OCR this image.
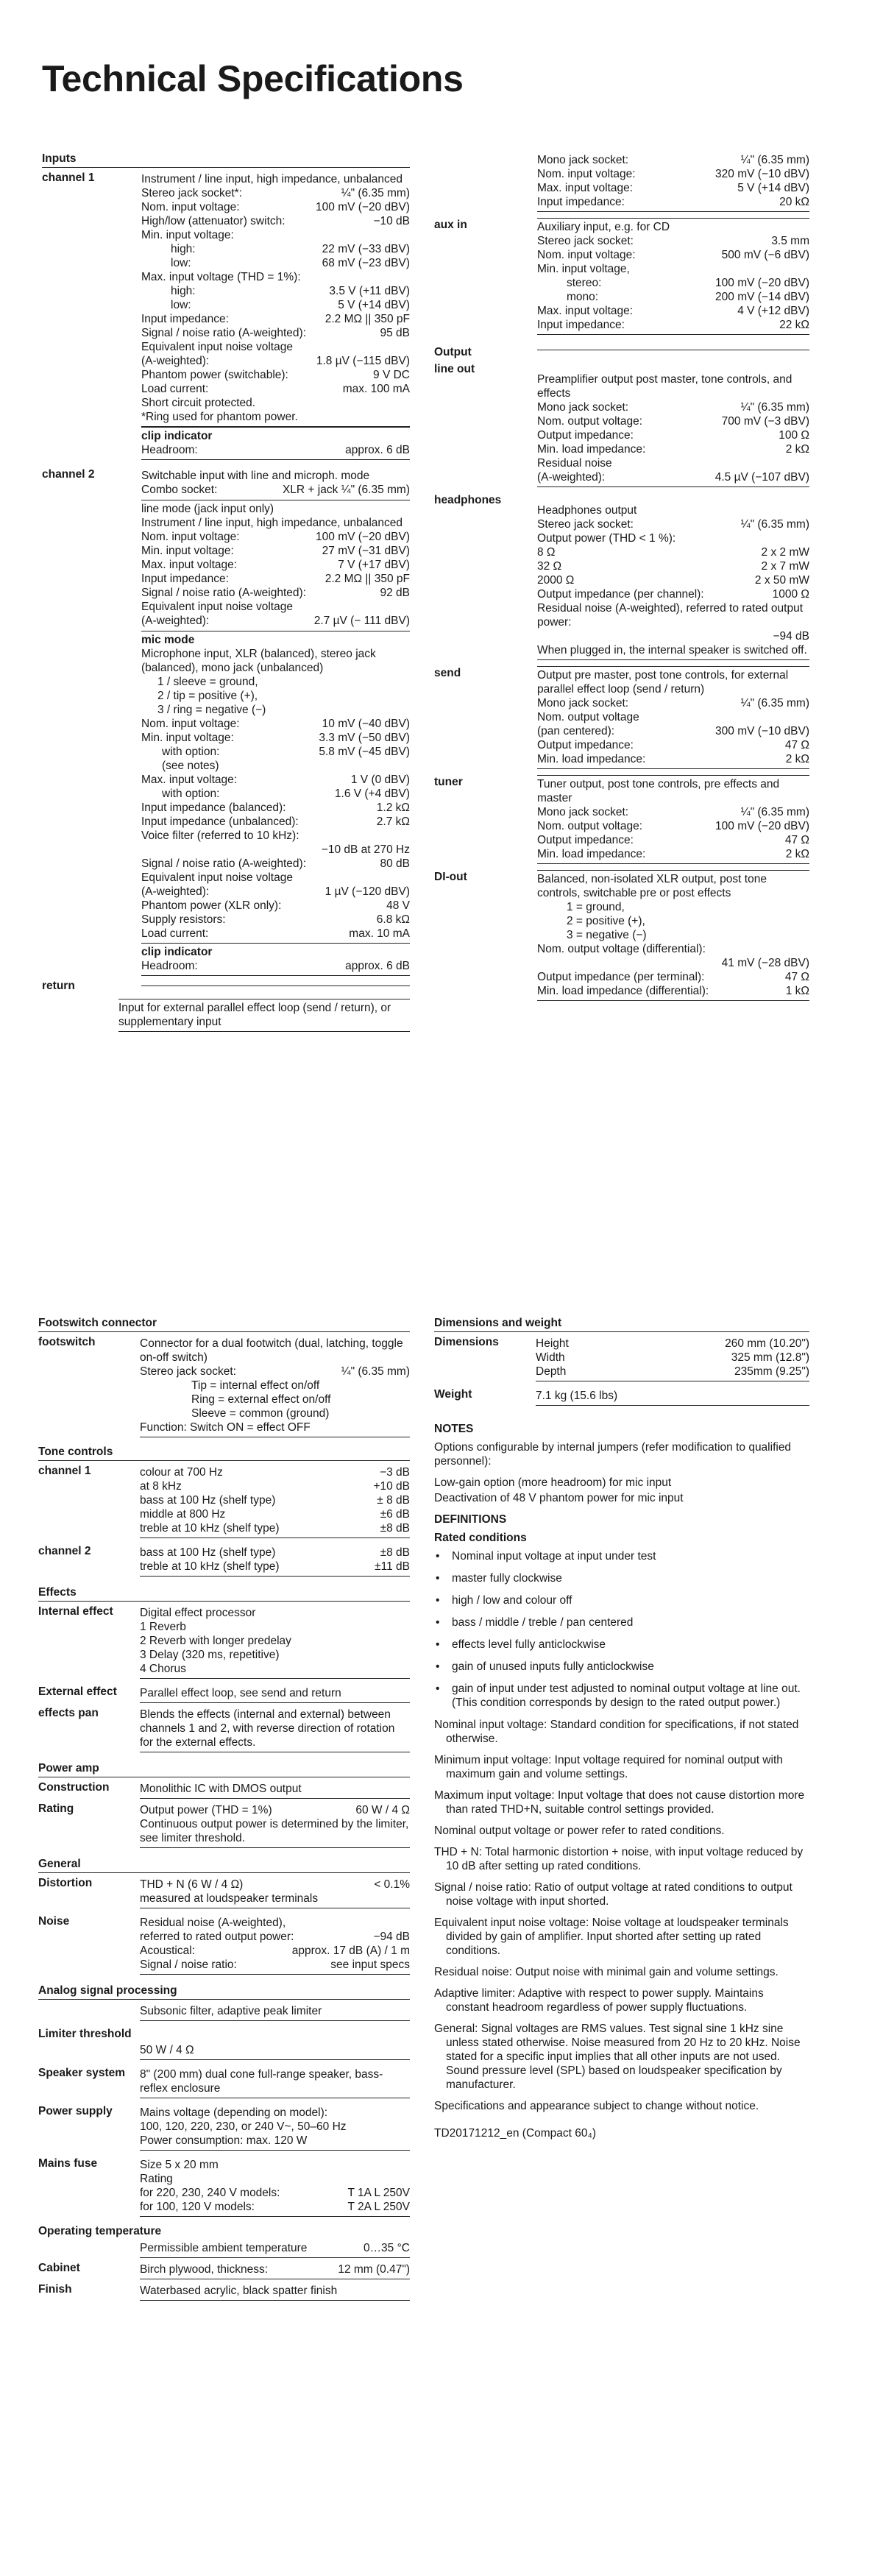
Technical Specifications
Inputs
channel 1	Instrument / line input, high impedance, unbalanced
Stereo jack socket*:	¼" (6.35 mm)
Nom. input voltage:	100 mV (−20 dBV)
High/low (attenuator) switch:	−10 dB
Min. input voltage:
high:	22 mV (−33 dBV)
low:	68 mV (−23 dBV)
Max. input voltage (THD = 1%):
high:	3.5 V (+11 dBV)
low:	5 V (+14 dBV)
Input impedance:	2.2 MΩ || 350 pF
Signal / noise ratio (A-weighted):	95 dB
Equivalent input noise voltage
(A-weighted):	1.8 µV (−115 dBV)
Phantom power (switchable):	9 V DC
Load current:	max. 100 mA
Short circuit protected.
*Ring used for phantom power.
clip indicator
Headroom:	approx. 6 dB
channel 2	Switchable input with line and microph. mode
Combo socket:	XLR + jack ¼" (6.35 mm)
line mode (jack input only)
Instrument / line input, high impedance, unbalanced
Nom. input voltage:	100 mV (−20 dBV)
Min. input voltage:	27 mV (−31 dBV)
Max. input voltage:	7 V (+17 dBV)
Input impedance:	2.2 MΩ || 350 pF
Signal / noise ratio (A-weighted):	92 dB
Equivalent input noise voltage
(A-weighted):	2.7 µV (− 111 dBV)
mic mode
Microphone input, XLR (balanced), stereo jack (balanced), mono jack (unbalanced)
1 / sleeve = ground,
2 / tip = positive (+),
3 / ring = negative (−)
Nom. input voltage:	10 mV (−40 dBV)
Min. input voltage:	3.3 mV (−50 dBV)
with option:	5.8 mV (−45 dBV)
(see notes)
Max. input voltage:	1 V (0 dBV)
with option:	1.6 V (+4 dBV)
Input impedance (balanced):	1.2 kΩ
Input impedance (unbalanced):	2.7 kΩ
Voice filter (referred to 10 kHz):
−10 dB at 270 Hz
Signal / noise ratio (A-weighted):	80 dB
Equivalent input noise voltage
(A-weighted):	1 µV (−120 dBV)
Phantom power (XLR only):	48 V
Supply resistors:	6.8 kΩ
Load current:	max. 10 mA
clip indicator
Headroom:	approx. 6 dB
return
Input for external parallel effect loop (send / return), or supplementary input
Mono jack socket:	¼" (6.35 mm)
Nom. input voltage:	320 mV (−10 dBV)
Max. input voltage:	5 V (+14 dBV)
Input impedance:	20 kΩ
aux in	Auxiliary input, e.g. for CD
Stereo jack socket:	3.5 mm
Nom. input voltage:	500 mV (−6 dBV)
Min. input voltage,
stereo:	100 mV (−20 dBV)
mono:	200 mV (−14 dBV)
Max. input voltage:	4 V (+12 dBV)
Input impedance:	22 kΩ
Output
line out
Preamplifier output post master, tone controls, and effects
Mono jack socket:	¼" (6.35 mm)
Nom. output voltage:	700 mV (−3 dBV)
Output impedance:	100 Ω
Min. load impedance:	2 kΩ
Residual noise
(A-weighted):	4.5 µV (−107 dBV)
headphones
Headphones output
Stereo jack socket:	¼" (6.35 mm)
Output power (THD < 1 %):
8 Ω	2 x 2 mW
32 Ω	2 x 7 mW
2000 Ω	2 x 50 mW
Output impedance (per channel):	1000 Ω
Residual noise (A-weighted), referred to rated output power:
−94 dB
When plugged in, the internal speaker is switched off.
send	Output pre master, post tone controls, for external parallel effect loop (send / return)
Mono jack socket:	¼" (6.35 mm)
Nom. output voltage
(pan centered):	300 mV (−10 dBV)
Output impedance:	47 Ω
Min. load impedance:	2 kΩ
tuner	Tuner output, post tone controls, pre effects and master
Mono jack socket:	¼" (6.35 mm)
Nom. output voltage:	100 mV (−20 dBV)
Output impedance:	47 Ω
Min. load impedance:	2 kΩ
DI-out	Balanced, non-isolated XLR output, post tone controls, switchable pre or post effects
1 = ground,
2 = positive (+),
3 = negative (−)
Nom. output voltage (differential):
41 mV (−28 dBV)
Output impedance (per terminal):	47 Ω
Min. load impedance (differential):	1 kΩ
Footswitch connector
footswitch	Connector for a dual footwitch (dual, latching, toggle on-off switch)
Stereo jack socket:	¼" (6.35 mm)
Tip = internal effect on/off
Ring = external effect on/off
Sleeve = common (ground)
Function: Switch ON = effect OFF
Tone controls
channel 1	colour at 700 Hz	−3 dB
at 8 kHz	+10 dB
bass at 100 Hz (shelf type)	± 8 dB
middle at 800 Hz	±6 dB
treble at 10 kHz (shelf type)	±8 dB
channel 2	bass at 100 Hz (shelf type)	±8 dB
treble at 10 kHz (shelf type)	±11 dB
Effects
Internal effect	Digital effect processor
1 Reverb
2 Reverb with longer predelay
3 Delay (320 ms, repetitive)
4 Chorus
External effect	Parallel effect loop, see send and return
effects pan	Blends the effects (internal and external) between channels 1 and 2, with reverse direction of rotation for the external effects.
Power amp
Construction	Monolithic IC with DMOS output
Rating	Output power (THD = 1%)	60 W / 4 Ω
Continuous output power is determined by the limiter, see limiter threshold.
General
Distortion	THD + N (6 W / 4 Ω)	< 0.1%
measured at loudspeaker terminals
Noise	Residual noise (A-weighted),
referred to rated output power:	−94 dB
Acoustical:	approx. 17 dB (A) / 1 m
Signal / noise ratio:	see input specs
Analog signal processing
Subsonic filter, adaptive peak limiter
Limiter threshold
50 W / 4 Ω
Speaker system	8" (200 mm) dual cone full-range speaker, bass-reflex enclosure
Power supply	Mains voltage (depending on model):
100, 120, 220, 230, or 240 V~, 50–60 Hz
Power consumption: max. 120 W
Mains fuse	Size 5 x 20 mm
Rating
for 220, 230, 240 V models:	T 1A L 250V
for 100, 120 V models:	T 2A L 250V
Operating temperature
Permissible ambient temperature	0…35 °C
Cabinet	Birch plywood, thickness:	12 mm (0.47")
Finish	Waterbased acrylic, black spatter finish
Dimensions and weight
Dimensions	Height	260 mm (10.20")
Width	325 mm (12.8")
Depth	235mm (9.25")
Weight	7.1 kg (15.6 lbs)
NOTES

Options configurable by internal jumpers (refer modification to qualified personnel):

Low-gain option (more headroom) for mic input

Deactivation of 48 V phantom power for mic input

DEFINITIONS
Rated conditions
• Nominal input voltage at input under test
• master fully clockwise
• high / low and colour off
• bass / middle / treble / pan centered
• effects level fully anticlockwise
• gain of unused inputs fully anticlockwise
• gain of input under test adjusted to nominal output voltage at line out. (This condition corresponds by design to the rated output power.)

Nominal input voltage: Standard condition for specifications, if not stated otherwise.

Minimum input voltage: Input voltage required for nominal output with maximum gain and volume settings.

Maximum input voltage: Input voltage that does not cause distortion more than rated THD+N, suitable control settings provided.

Nominal output voltage or power refer to rated conditions.

THD + N: Total harmonic distortion + noise, with input voltage reduced by 10 dB after setting up rated conditions.

Signal / noise ratio: Ratio of output voltage at rated conditions to output noise voltage with input shorted.

Equivalent input noise voltage: Noise voltage at loudspeaker terminals divided by gain of amplifier. Input shorted after setting up rated conditions.

Residual noise: Output noise with minimal gain and volume settings.

Adaptive limiter: Adaptive with respect to power supply. Maintains constant headroom regardless of power supply fluctuations.

General: Signal voltages are RMS values. Test signal sine 1 kHz sine unless stated otherwise. Noise measured from 20 Hz to 20 kHz. Noise stated for a specific input implies that all other inputs are not used. Sound pressure level (SPL) based on loudspeaker specification by manufacturer.

Specifications and appearance subject to change without notice.

TD20171212_en (Compact 60₄)
